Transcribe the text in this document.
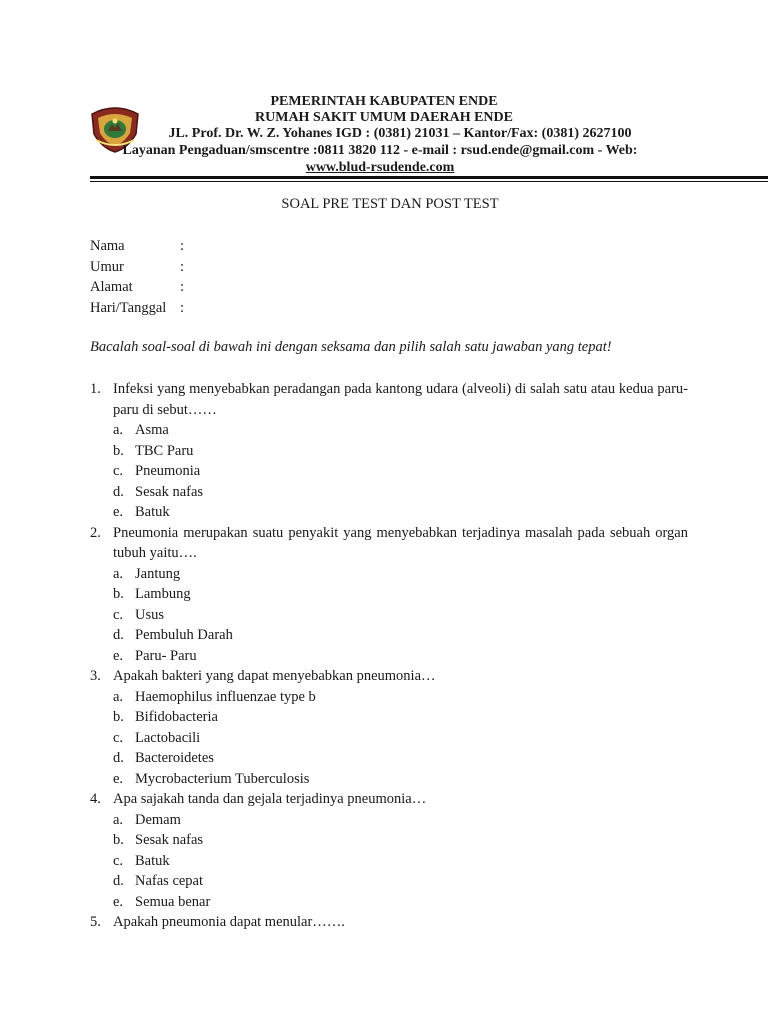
PEMERINTAH KABUPATEN ENDE
RUMAH SAKIT UMUM DAERAH ENDE
JL. Prof. Dr. W. Z. Yohanes IGD : (0381) 21031 – Kantor/Fax: (0381) 2627100
Layanan Pengaduan/smscentre :0811 3820 112 - e-mail : rsud.ende@gmail.com - Web:
www.blud-rsudende.com
SOAL PRE TEST DAN POST TEST
Nama	:
Umur	:
Alamat	:
Hari/Tanggal :
Bacalah soal-soal di bawah ini dengan seksama dan pilih salah satu jawaban yang tepat!
1. Infeksi yang menyebabkan peradangan pada kantong udara (alveoli) di salah satu atau kedua paru- paru di sebut……
a. Asma
b. TBC Paru
c. Pneumonia
d. Sesak nafas
e. Batuk
2. Pneumonia merupakan suatu penyakit yang menyebabkan terjadinya masalah pada sebuah organ tubuh yaitu….
a. Jantung
b. Lambung
c. Usus
d. Pembuluh Darah
e. Paru- Paru
3. Apakah bakteri yang dapat menyebabkan pneumonia…
a. Haemophilus influenzae type b
b. Bifidobacteria
c. Lactobacili
d. Bacteroidetes
e. Mycrobacterium Tuberculosis
4. Apa sajakah tanda dan gejala terjadinya pneumonia…
a. Demam
b. Sesak nafas
c. Batuk
d. Nafas cepat
e. Semua benar
5. Apakah pneumonia dapat menular…….
